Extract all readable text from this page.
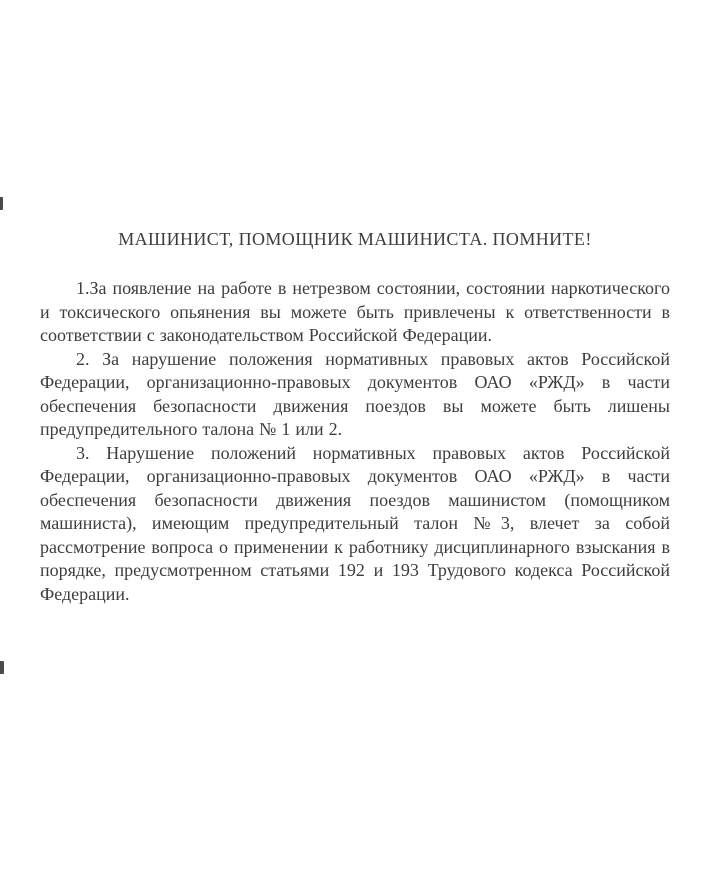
МАШИНИСТ, ПОМОЩНИК МАШИНИСТА. ПОМНИТЕ!

1.За появление на работе в нетрезвом состоянии, состоянии наркотического и токсического опьянения вы можете быть привлечены к ответственности в соответствии с законодательством Российской Федерации.

2. За нарушение положения нормативных правовых актов Российской Федерации, организационно-правовых документов ОАО «РЖД» в части обеспечения безопасности движения поездов вы можете быть лишены предупредительного талона № 1 или 2.

3. Нарушение положений нормативных правовых актов Российской Федерации, организационно-правовых документов ОАО «РЖД» в части обеспечения безопасности движения поездов машинистом (помощником машиниста), имеющим предупредительный талон №3, влечет за собой рассмотрение вопроса о применении к работнику дисциплинарного взыскания в порядке, предусмотренном статьями 192 и 193 Трудового кодекса Российской Федерации.
